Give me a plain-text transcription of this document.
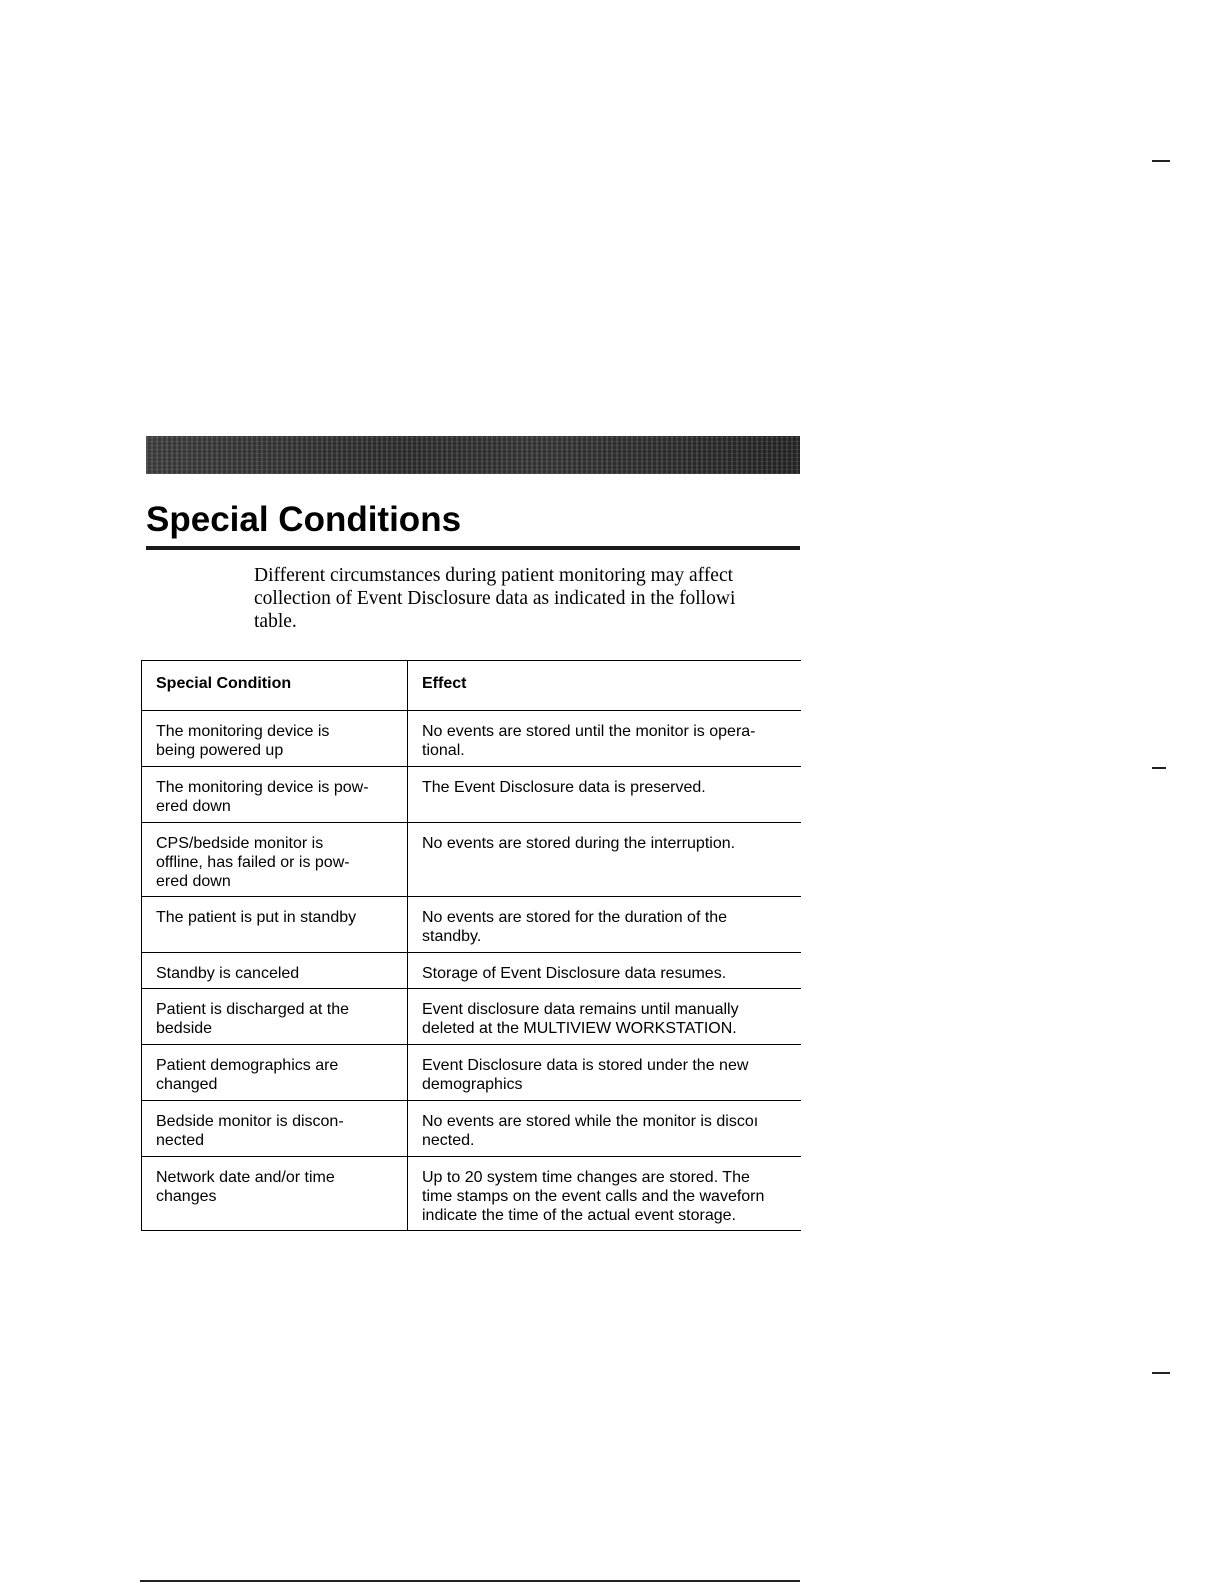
Special Conditions

Different circumstances during patient monitoring may affect
collection of Event Disclosure data as indicated in the followi
table.

Special Condition	Effect

The monitoring device is
being powered up	No events are stored until the monitor is opera-
tional.

The monitoring device is pow-
ered down	The Event Disclosure data is preserved.

CPS/bedside monitor is
offline, has failed or is pow-
ered down	No events are stored during the interruption.

The patient is put in standby	No events are stored for the duration of the
standby.

Standby is canceled	Storage of Event Disclosure data resumes.

Patient is discharged at the
bedside	Event disclosure data remains until manually
deleted at the MULTIVIEW WORKSTATION.

Patient demographics are
changed	Event Disclosure data is stored under the new
demographics

Bedside monitor is discon-
nected	No events are stored while the monitor is discoı
nected.

Network date and/or time
changes	Up to 20 system time changes are stored. The
time stamps on the event calls and the waveforn
indicate the time of the actual event storage.
